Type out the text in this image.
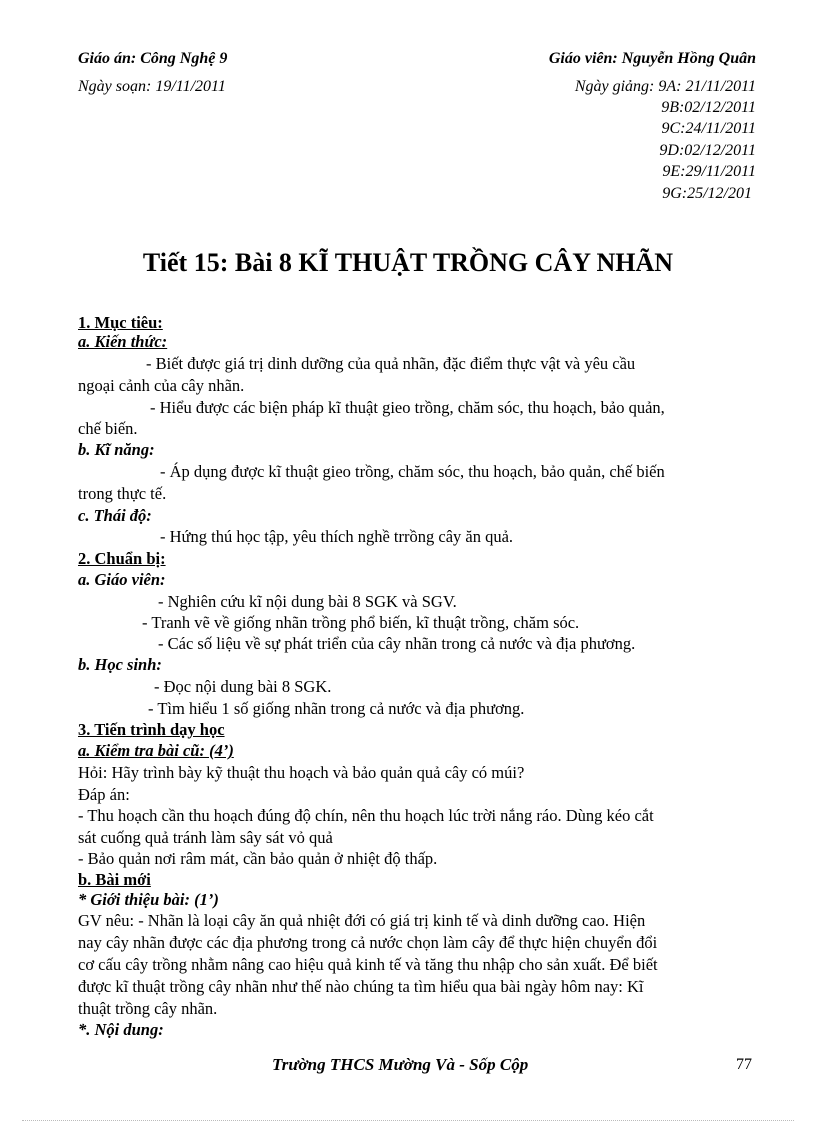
Giáo án: Công Nghệ 9	Giáo viên: Nguyễn Hồng Quân
Ngày soạn: 19/11/2011	Ngày giảng: 9A: 21/11/2011
9B:02/12/2011
9C:24/11/2011
9D:02/12/2011
9E:29/11/2011
9G:25/12/201
Tiết 15: Bài 8 KĨ THUẬT TRỒNG CÂY NHÃN
1. Mục tiêu:
a. Kiến thức:
- Biết được giá trị dinh dưỡng của quả nhãn, đặc điểm thực vật và yêu cầu
ngoại cảnh của cây nhãn.
- Hiểu được các biện pháp kĩ thuật gieo trồng, chăm sóc, thu hoạch, bảo quản,
chế biến.
b. Kĩ năng:
- Áp dụng được kĩ thuật gieo trồng, chăm sóc, thu hoạch, bảo quản, chế biến
trong thực tế.
c. Thái độ:
- Hứng thú học tập, yêu thích nghề trrồng cây ăn quả.
2. Chuẩn bị:
a. Giáo viên:
- Nghiên cứu kĩ nội dung bài 8 SGK và SGV.
- Tranh vẽ về giống nhãn trồng phổ biến, kĩ thuật trồng, chăm sóc.
- Các số liệu về sự phát triển của cây nhãn trong cả nước và địa phương.
b. Học sinh:
- Đọc nội dung bài 8 SGK.
- Tìm hiểu 1 số giống nhãn trong cả nước và địa phương.
3. Tiến trình dạy học
a. Kiểm tra bài cũ: (4’)
Hỏi: Hãy trình bày kỹ thuật thu hoạch và bảo quản quả cây có múi?
Đáp án:
- Thu hoạch cần thu hoạch đúng độ chín, nên thu hoạch lúc trời nắng ráo. Dùng kéo cắt
sát cuống quả tránh làm sây sát vỏ quả
- Bảo quản nơi râm mát, cần bảo quản ở nhiệt độ thấp.
b. Bài mới
* Giới thiệu bài: (1’)
GV nêu: - Nhãn là loại cây ăn quả nhiệt đới có giá trị kinh tế và dinh dưỡng cao. Hiện
nay cây nhãn được các địa phương trong cả nước chọn làm cây để thực hiện chuyển đổi
cơ cấu cây trồng nhằm nâng cao hiệu quả kinh tế và tăng thu nhập cho sản xuất. Để biết
được kĩ thuật trồng cây nhãn như thế nào chúng ta tìm hiểu qua bài ngày hôm nay: Kĩ
thuật trồng cây nhãn.
*. Nội dung:
Trường THCS Mường Và - Sốp Cộp	77
